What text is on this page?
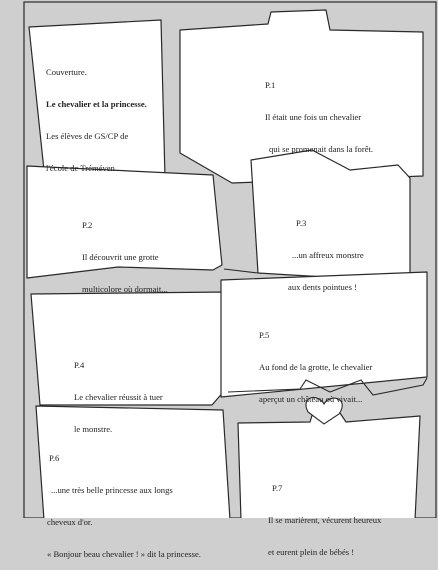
Couverture.

Le chevalier et la princesse.

Les élèves de GS/CP de

l'école de Tréméven

P.1

Il était une fois un chevalier

qui se promenait dans la forêt.

P.2

Il découvrit une grotte

multicolore où dormait...

P.3

...un affreux monstre

aux dents pointues !

P.4

Le chevalier réussit à tuer

le monstre.

P.5

Au fond de la grotte, le chevalier

aperçut un château où vivait...

P.6

...une très belle princesse aux longs

cheveux d'or.

« Bonjour beau chevalier ! » dit la princesse.

P.7

Il se marièrent, vécurent heureux

et eurent plein de bébés !
